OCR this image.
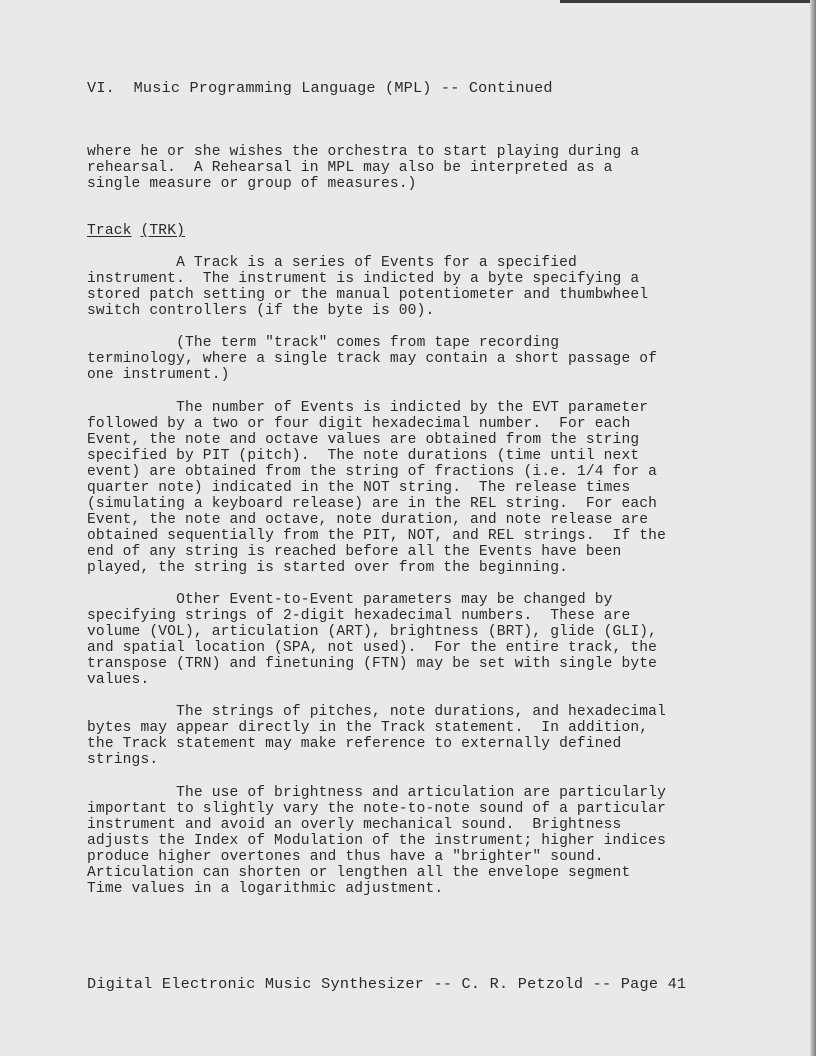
VI.  Music Programming Language (MPL) -- Continued

where he or she wishes the orchestra to start playing during a
rehearsal.  A Rehearsal in MPL may also be interpreted as a
single measure or group of measures.)

Track (TRK)

A Track is a series of Events for a specified
instrument.  The instrument is indicted by a byte specifying a
stored patch setting or the manual potentiometer and thumbwheel
switch controllers (if the byte is 00).

(The term "track" comes from tape recording
terminology, where a single track may contain a short passage of
one instrument.)

The number of Events is indicted by the EVT parameter
followed by a two or four digit hexadecimal number.  For each
Event, the note and octave values are obtained from the string
specified by PIT (pitch).  The note durations (time until next
event) are obtained from the string of fractions (i.e. 1/4 for a
quarter note) indicated in the NOT string.  The release times
(simulating a keyboard release) are in the REL string.  For each
Event, the note and octave, note duration, and note release are
obtained sequentially from the PIT, NOT, and REL strings.  If the
end of any string is reached before all the Events have been
played, the string is started over from the beginning.

Other Event-to-Event parameters may be changed by
specifying strings of 2-digit hexadecimal numbers.  These are
volume (VOL), articulation (ART), brightness (BRT), glide (GLI),
and spatial location (SPA, not used).  For the entire track, the
transpose (TRN) and finetuning (FTN) may be set with single byte
values.

The strings of pitches, note durations, and hexadecimal
bytes may appear directly in the Track statement.  In addition,
the Track statement may make reference to externally defined
strings.

The use of brightness and articulation are particularly
important to slightly vary the note-to-note sound of a particular
instrument and avoid an overly mechanical sound.  Brightness
adjusts the Index of Modulation of the instrument; higher indices
produce higher overtones and thus have a "brighter" sound.
Articulation can shorten or lengthen all the envelope segment
Time values in a logarithmic adjustment.

Digital Electronic Music Synthesizer -- C. R. Petzold -- Page 41
